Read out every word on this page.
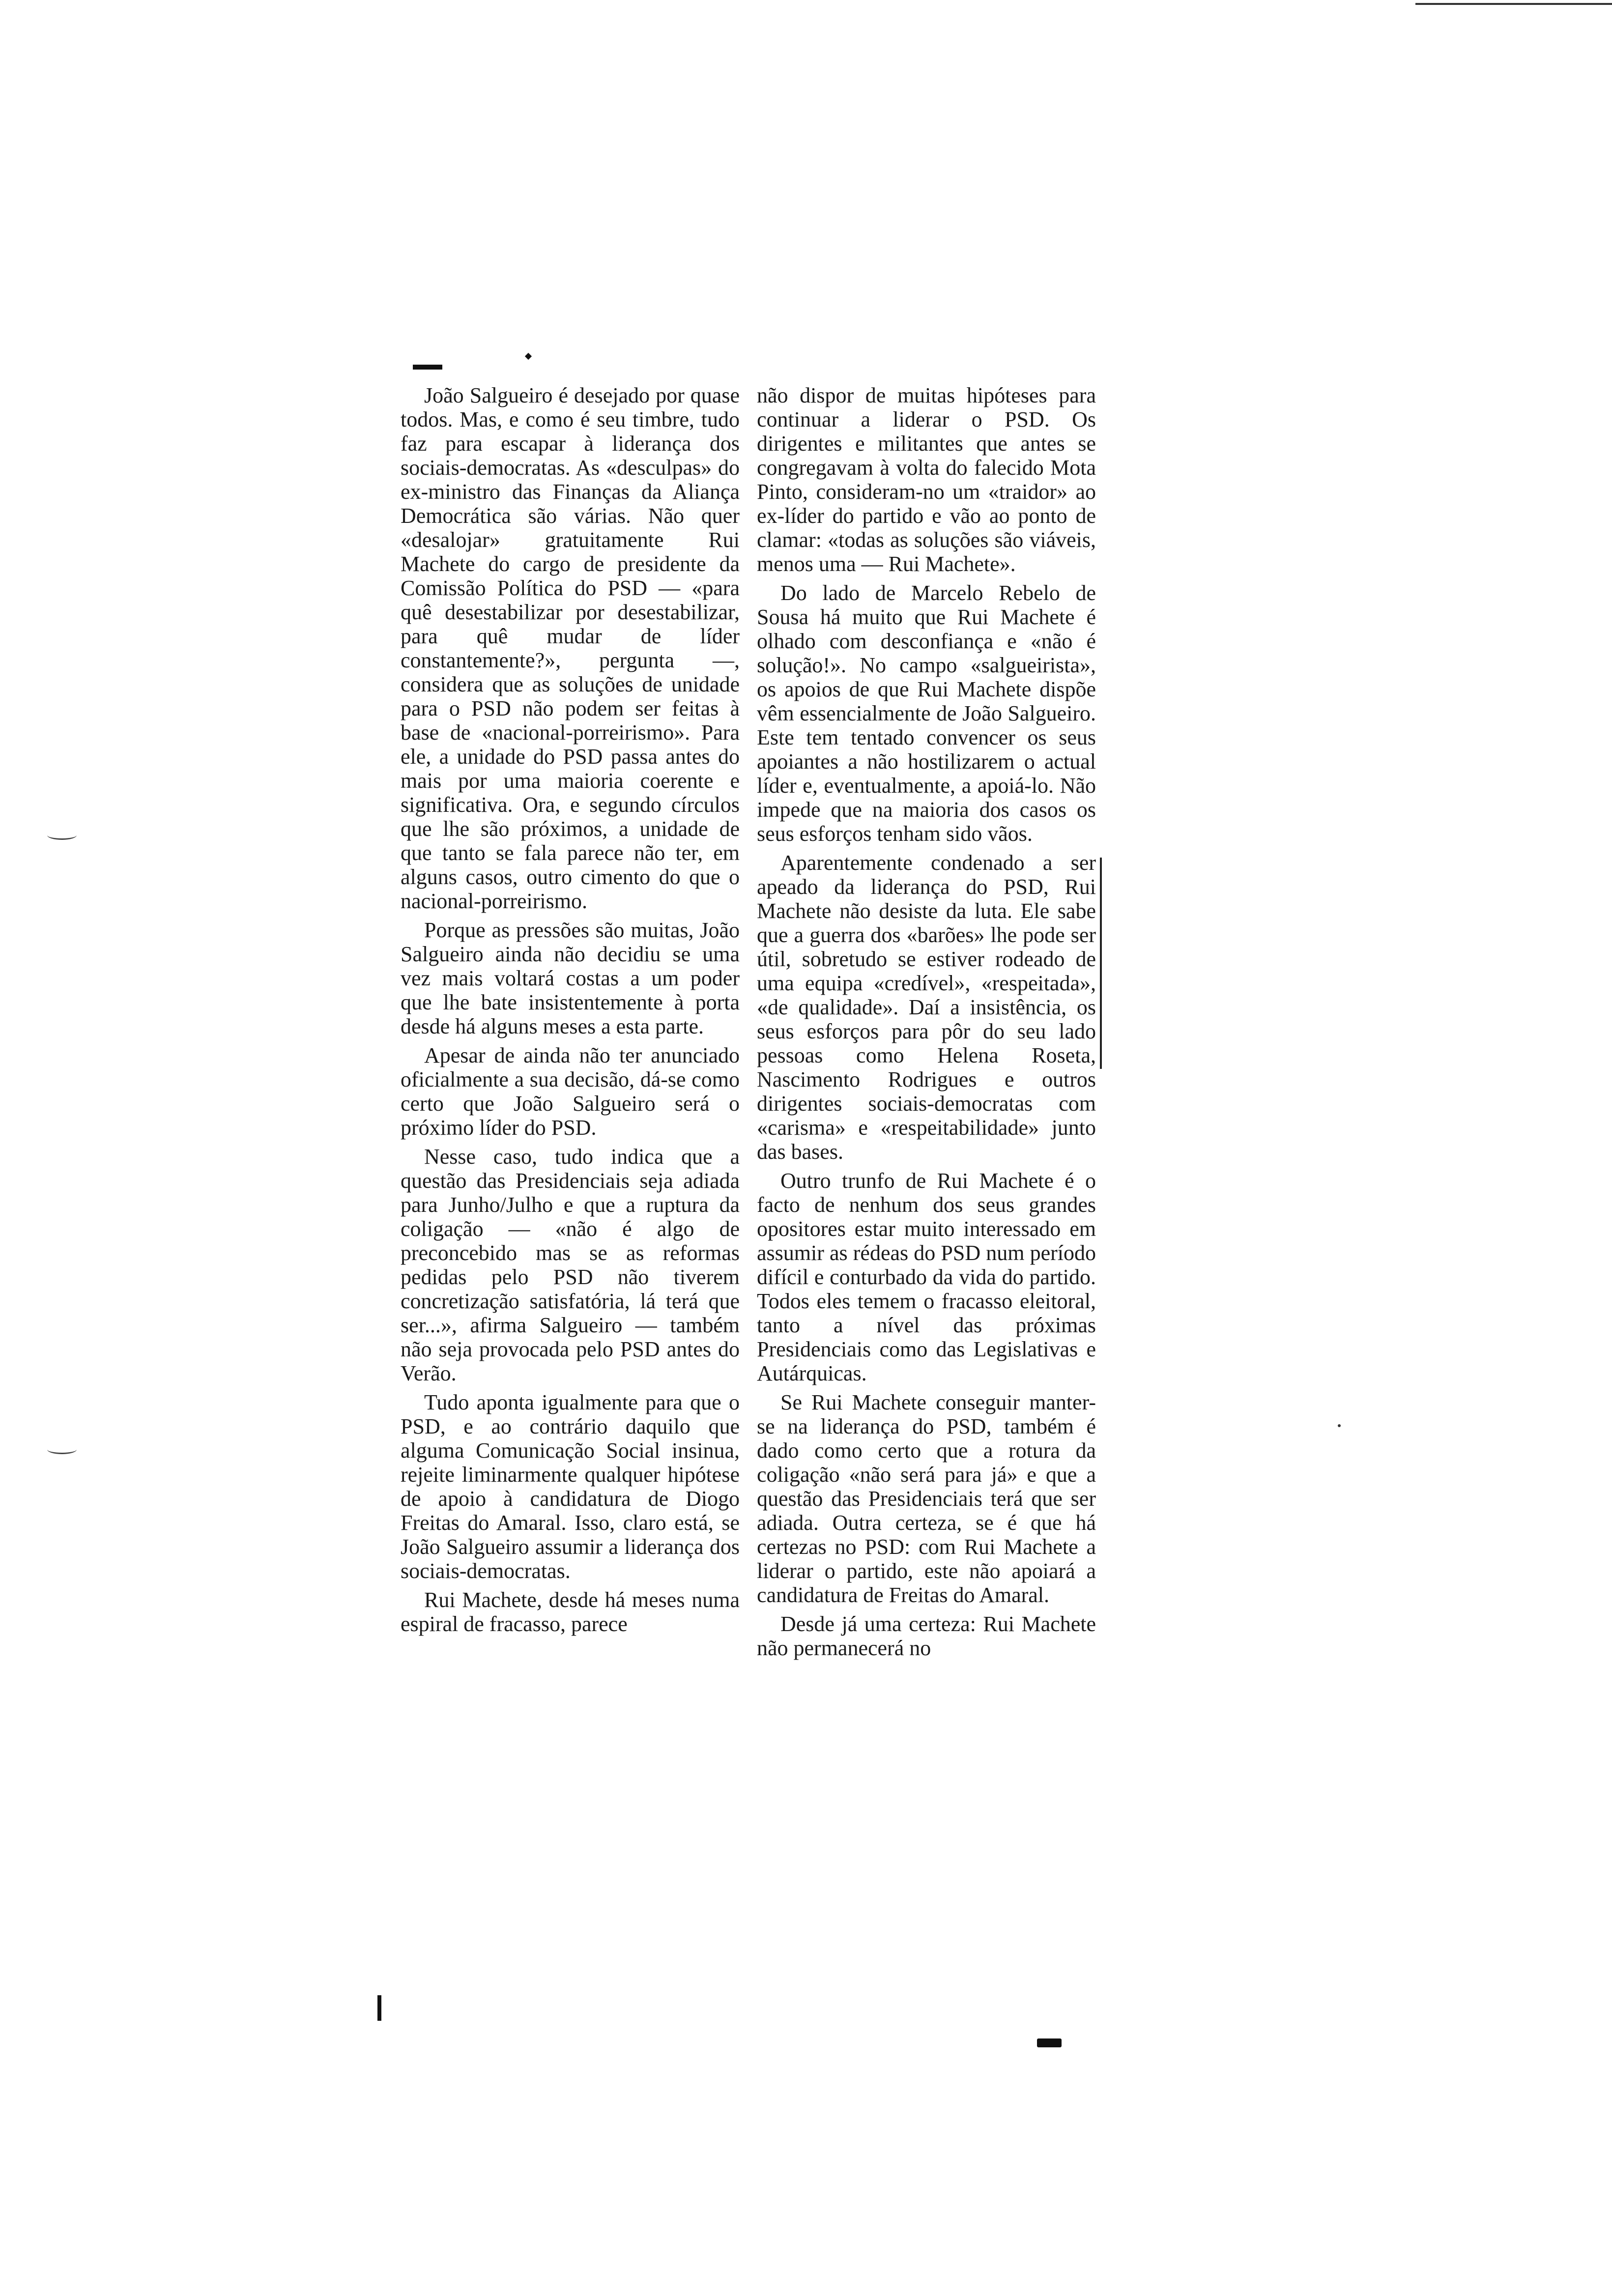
João Salgueiro é desejado por quase todos. Mas, e como é seu timbre, tudo faz para escapar à liderança dos sociais-democratas. As «desculpas» do ex-ministro das Finanças da Aliança Democrática são várias. Não quer «desalojar» gratuitamente Rui Machete do cargo de presidente da Comissão Política do PSD — «para quê desestabilizar por desestabilizar, para quê mudar de líder constantemente?», pergunta —, considera que as soluções de unidade para o PSD não podem ser feitas à base de «nacional-porreirismo». Para ele, a unidade do PSD passa antes do mais por uma maioria coerente e significativa. Ora, e segundo círculos que lhe são próximos, a unidade de que tanto se fala parece não ter, em alguns casos, outro cimento do que o nacional-porreirismo.

Porque as pressões são muitas, João Salgueiro ainda não decidiu se uma vez mais voltará costas a um poder que lhe bate insistentemente à porta desde há alguns meses a esta parte.

Apesar de ainda não ter anunciado oficialmente a sua decisão, dá-se como certo que João Salgueiro será o próximo líder do PSD.

Nesse caso, tudo indica que a questão das Presidenciais seja adiada para Junho/Julho e que a ruptura da coligação — «não é algo de preconcebido mas se as reformas pedidas pelo PSD não tiverem concretização satisfatória, lá terá que ser...», afirma Salgueiro — também não seja provocada pelo PSD antes do Verão.

Tudo aponta igualmente para que o PSD, e ao contrário daquilo que alguma Comunicação Social insinua, rejeite liminarmente qualquer hipótese de apoio à candidatura de Diogo Freitas do Amaral. Isso, claro está, se João Salgueiro assumir a liderança dos sociais-democratas.

Rui Machete, desde há meses numa espiral de fracasso, parece

não dispor de muitas hipóteses para continuar a liderar o PSD. Os dirigentes e militantes que antes se congregavam à volta do falecido Mota Pinto, consideram-no um «traidor» ao ex-líder do partido e vão ao ponto de clamar: «todas as soluções são viáveis, menos uma — Rui Machete».

Do lado de Marcelo Rebelo de Sousa há muito que Rui Machete é olhado com desconfiança e «não é solução!». No campo «salgueirista», os apoios de que Rui Machete dispõe vêm essencialmente de João Salgueiro. Este tem tentado convencer os seus apoiantes a não hostilizarem o actual líder e, eventualmente, a apoiá-lo. Não impede que na maioria dos casos os seus esforços tenham sido vãos.

Aparentemente condenado a ser apeado da liderança do PSD, Rui Machete não desiste da luta. Ele sabe que a guerra dos «barões» lhe pode ser útil, sobretudo se estiver rodeado de uma equipa «credível», «respeitada», «de qualidade». Daí a insistência, os seus esforços para pôr do seu lado pessoas como Helena Roseta, Nascimento Rodrigues e outros dirigentes sociais-democratas com «carisma» e «respeitabilidade» junto das bases.

Outro trunfo de Rui Machete é o facto de nenhum dos seus grandes opositores estar muito interessado em assumir as rédeas do PSD num período difícil e conturbado da vida do partido. Todos eles temem o fracasso eleitoral, tanto a nível das próximas Presidenciais como das Legislativas e Autárquicas.

Se Rui Machete conseguir manter-se na liderança do PSD, também é dado como certo que a rotura da coligação «não será para já» e que a questão das Presidenciais terá que ser adiada. Outra certeza, se é que há certezas no PSD: com Rui Machete a liderar o partido, este não apoiará a candidatura de Freitas do Amaral.

Desde já uma certeza: Rui Machete não permanecerá no
